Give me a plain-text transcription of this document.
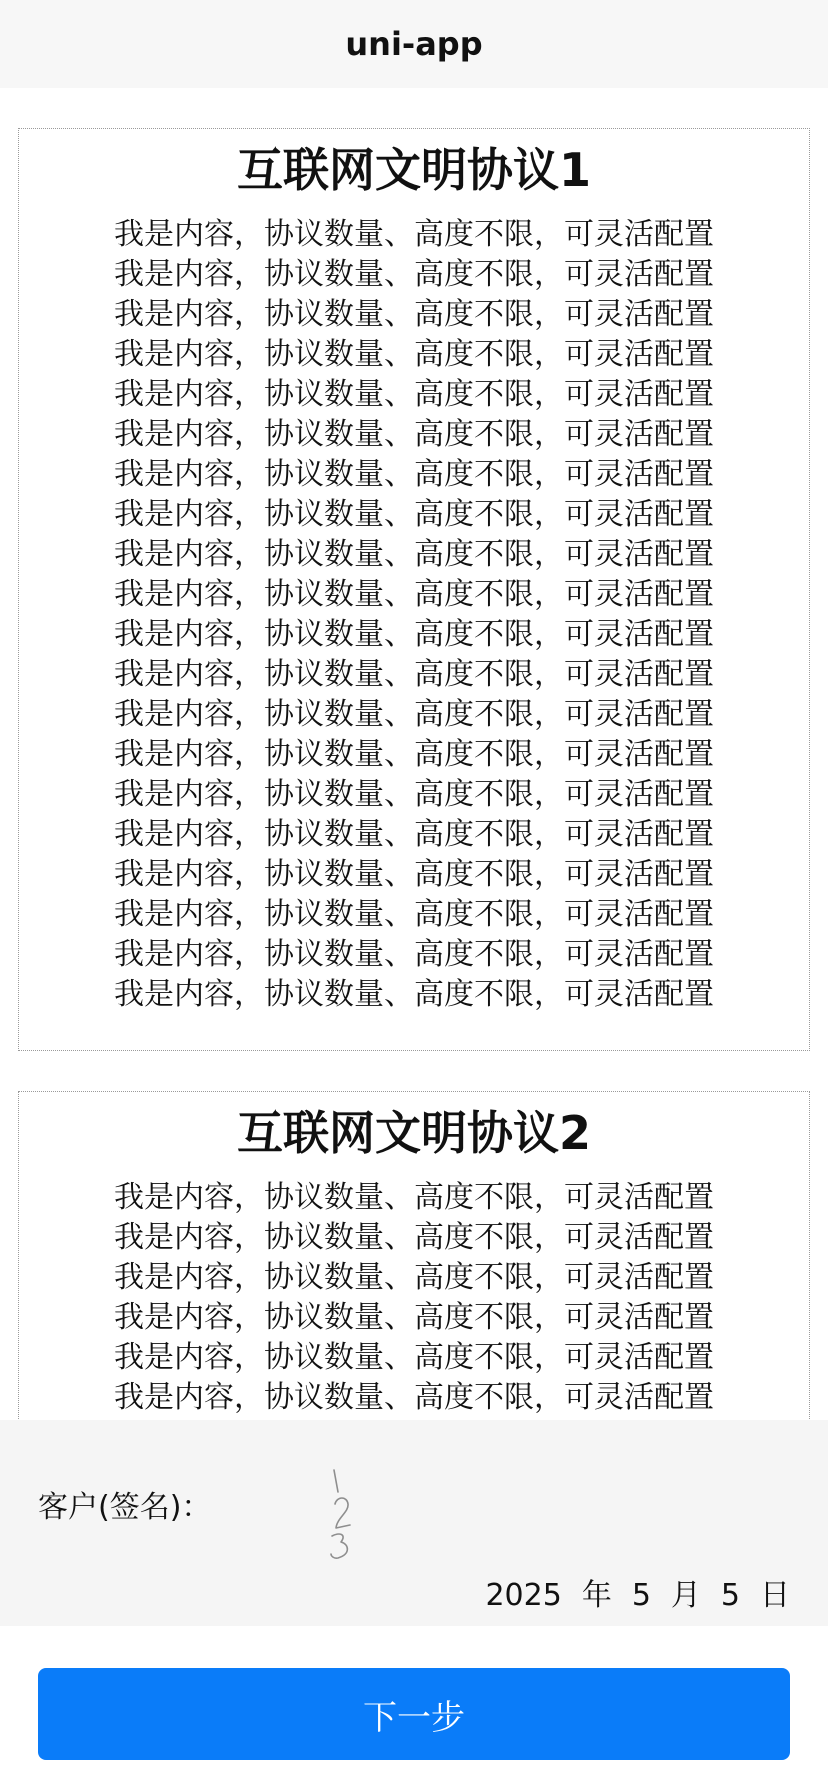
uni-app
互联网文明协议1
我是内容，协议数量、高度不限，可灵活配置
我是内容，协议数量、高度不限，可灵活配置
我是内容，协议数量、高度不限，可灵活配置
我是内容，协议数量、高度不限，可灵活配置
我是内容，协议数量、高度不限，可灵活配置
我是内容，协议数量、高度不限，可灵活配置
我是内容，协议数量、高度不限，可灵活配置
我是内容，协议数量、高度不限，可灵活配置
我是内容，协议数量、高度不限，可灵活配置
我是内容，协议数量、高度不限，可灵活配置
我是内容，协议数量、高度不限，可灵活配置
我是内容，协议数量、高度不限，可灵活配置
我是内容，协议数量、高度不限，可灵活配置
我是内容，协议数量、高度不限，可灵活配置
我是内容，协议数量、高度不限，可灵活配置
我是内容，协议数量、高度不限，可灵活配置
我是内容，协议数量、高度不限，可灵活配置
我是内容，协议数量、高度不限，可灵活配置
我是内容，协议数量、高度不限，可灵活配置
我是内容，协议数量、高度不限，可灵活配置
互联网文明协议2
我是内容，协议数量、高度不限，可灵活配置
我是内容，协议数量、高度不限，可灵活配置
我是内容，协议数量、高度不限，可灵活配置
我是内容，协议数量、高度不限，可灵活配置
我是内容，协议数量、高度不限，可灵活配置
我是内容，协议数量、高度不限，可灵活配置
客户(签名)：
2025 年 5 月 5 日
下一步
